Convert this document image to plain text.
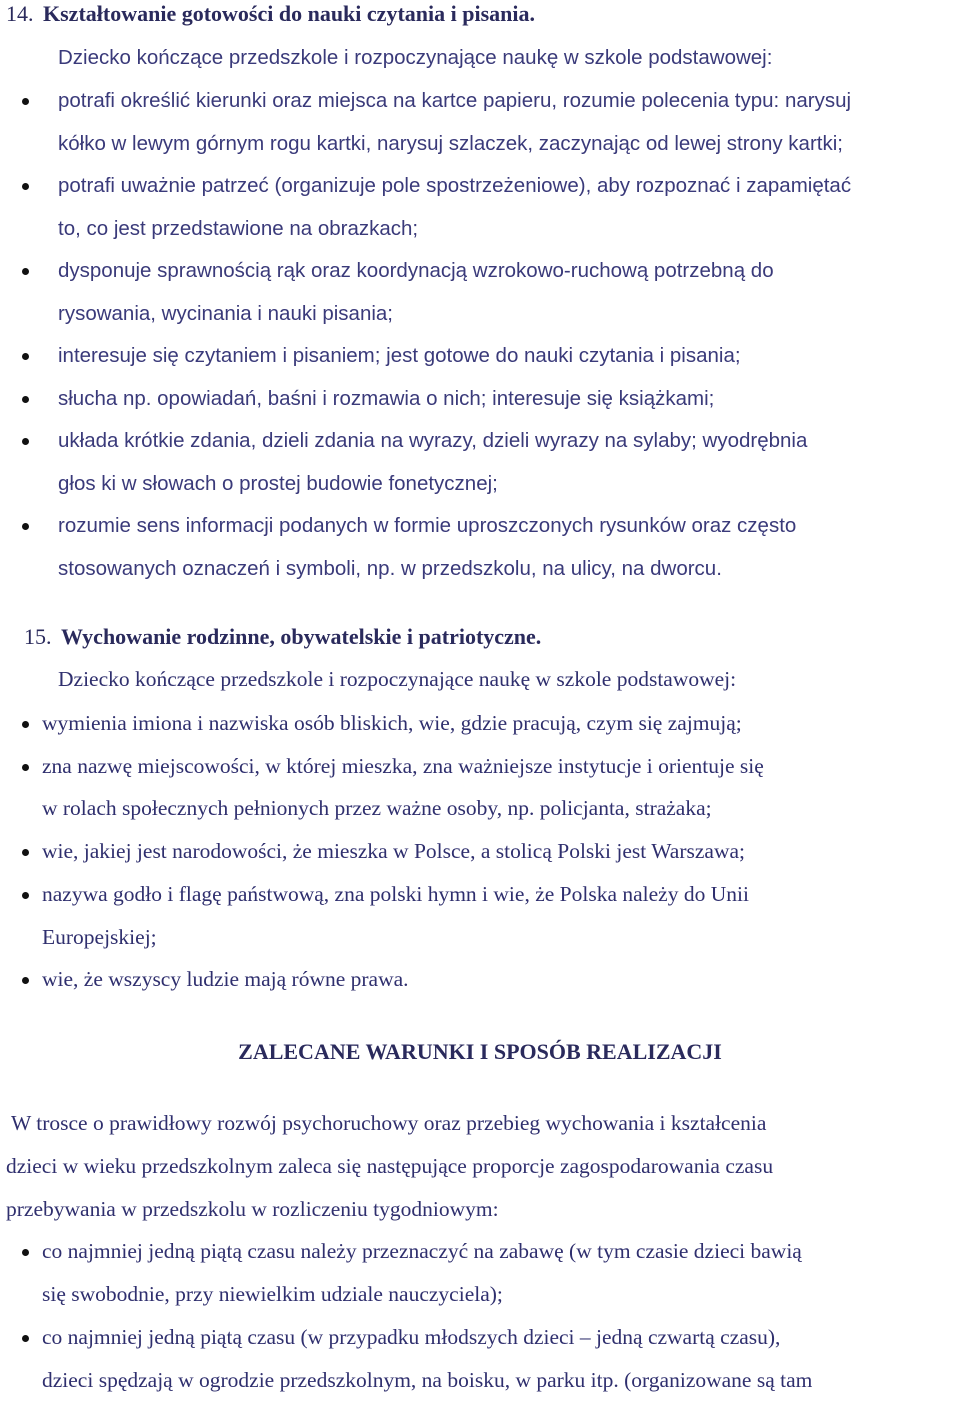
14. Kształtowanie gotowości do nauki czytania i pisania.
Dziecko kończące przedszkole i rozpoczynające naukę w szkole podstawowej:
potrafi określić kierunki oraz miejsca na kartce papieru, rozumie polecenia typu: narysuj
kółko w lewym górnym rogu kartki, narysuj szlaczek, zaczynając od lewej strony kartki;
potrafi uważnie patrzeć (organizuje pole spostrzeżeniowe), aby rozpoznać i zapamiętać
to, co jest przedstawione na obrazkach;
dysponuje sprawnością rąk oraz koordynacją wzrokowo-ruchową potrzebną do
rysowania, wycinania i nauki pisania;
interesuje się czytaniem i pisaniem; jest gotowe do nauki czytania i pisania;
słucha np. opowiadań, baśni i rozmawia o nich; interesuje się książkami;
układa krótkie zdania, dzieli zdania na wyrazy, dzieli wyrazy na sylaby; wyodrębnia
głos ki w słowach o prostej budowie fonetycznej;
rozumie sens informacji podanych w formie uproszczonych rysunków oraz często
stosowanych oznaczeń i symboli, np. w przedszkolu, na ulicy, na dworcu.
15. Wychowanie rodzinne, obywatelskie i patriotyczne.
Dziecko kończące przedszkole i rozpoczynające naukę w szkole podstawowej:
wymienia imiona i nazwiska osób bliskich, wie, gdzie pracują, czym się zajmują;
zna nazwę miejscowości, w której mieszka, zna ważniejsze instytucje i orientuje się
w rolach społecznych pełnionych przez ważne osoby, np. policjanta, strażaka;
wie, jakiej jest narodowości, że mieszka w Polsce, a stolicą Polski jest Warszawa;
nazywa godło i flagę państwową, zna polski hymn i wie, że Polska należy do Unii
Europejskiej;
wie, że wszyscy ludzie mają równe prawa.
ZALECANE WARUNKI I SPOSÓB REALIZACJI
W trosce o prawidłowy rozwój psychoruchowy oraz przebieg wychowania i kształcenia
dzieci w wieku przedszkolnym zaleca się następujące proporcje zagospodarowania czasu
przebywania w przedszkolu w rozliczeniu tygodniowym:
co najmniej jedną piątą czasu należy przeznaczyć na zabawę (w tym czasie dzieci bawią
się swobodnie, przy niewielkim udziale nauczyciela);
co najmniej jedną piątą czasu (w przypadku młodszych dzieci – jedną czwartą czasu),
dzieci spędzają w ogrodzie przedszkolnym, na boisku, w parku itp. (organizowane są tam
